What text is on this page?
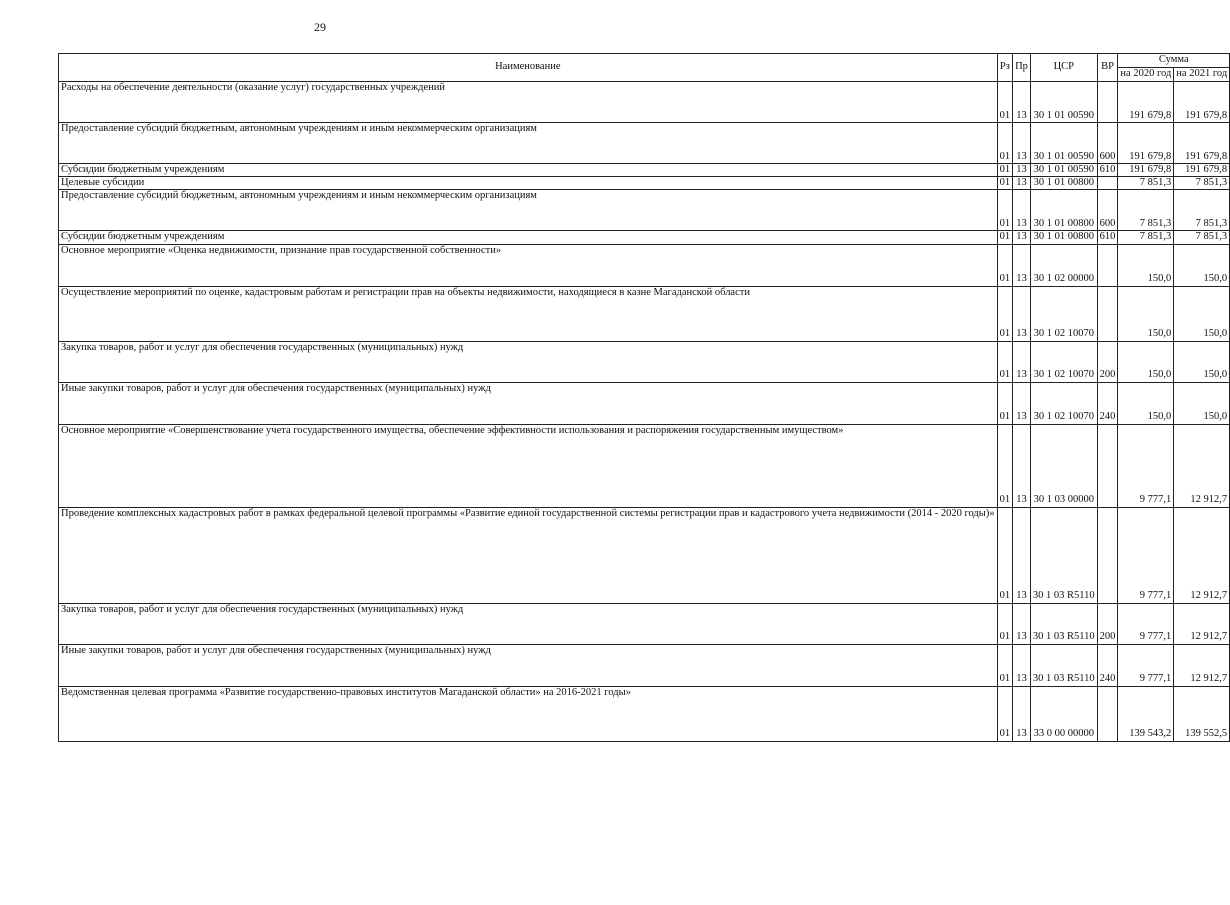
29
Наименование	Рз	Пр	ЦСР	ВР	Сумма	
					на 2020 год	на 2021 год
Расходы на обеспечение деятельности (оказание услуг) государственных учреждений	01	13	30 1 01 00590		191 679,8	191 679,8
Предоставление субсидий бюджетным, автономным учреждениям и иным некоммерческим организациям	01	13	30 1 01 00590	600	191 679,8	191 679,8
Субсидии бюджетным учреждениям	01	13	30 1 01 00590	610	191 679,8	191 679,8
Целевые субсидии	01	13	30 1 01 00800		7 851,3	7 851,3
Предоставление субсидий бюджетным, автономным учреждениям и иным некоммерческим организациям	01	13	30 1 01 00800	600	7 851,3	7 851,3
Субсидии бюджетным учреждениям	01	13	30 1 01 00800	610	7 851,3	7 851,3
Основное мероприятие «Оценка недвижимости, признание прав государственной собственности»	01	13	30 1 02 00000		150,0	150,0
Осуществление мероприятий по оценке, кадастровым работам и регистрации прав на объекты недвижимости, находящиеся в казне Магаданской области	01	13	30 1 02 10070		150,0	150,0
Закупка товаров, работ и услуг для обеспечения государственных (муниципальных) нужд	01	13	30 1 02 10070	200	150,0	150,0
Иные закупки товаров, работ и услуг для обеспечения государственных (муниципальных) нужд	01	13	30 1 02 10070	240	150,0	150,0
Основное мероприятие «Совершенствование учета государственного имущества, обеспечение эффективности использования и распоряжения государственным имуществом»	01	13	30 1 03 00000		9 777,1	12 912,7
Проведение комплексных кадастровых работ в рамках федеральной целевой программы «Развитие единой государственной системы регистрации прав и кадастрового учета недвижимости (2014 - 2020 годы)»	01	13	30 1 03 R5110		9 777,1	12 912,7
Закупка товаров, работ и услуг для обеспечения государственных (муниципальных) нужд	01	13	30 1 03 R5110	200	9 777,1	12 912,7
Иные закупки товаров, работ и услуг для обеспечения государственных (муниципальных) нужд	01	13	30 1 03 R5110	240	9 777,1	12 912,7
Ведомственная целевая программа «Развитие государственно-правовых институтов Магаданской области» на 2016-2021 годы»	01	13	33 0 00 00000		139 543,2	139 552,5
